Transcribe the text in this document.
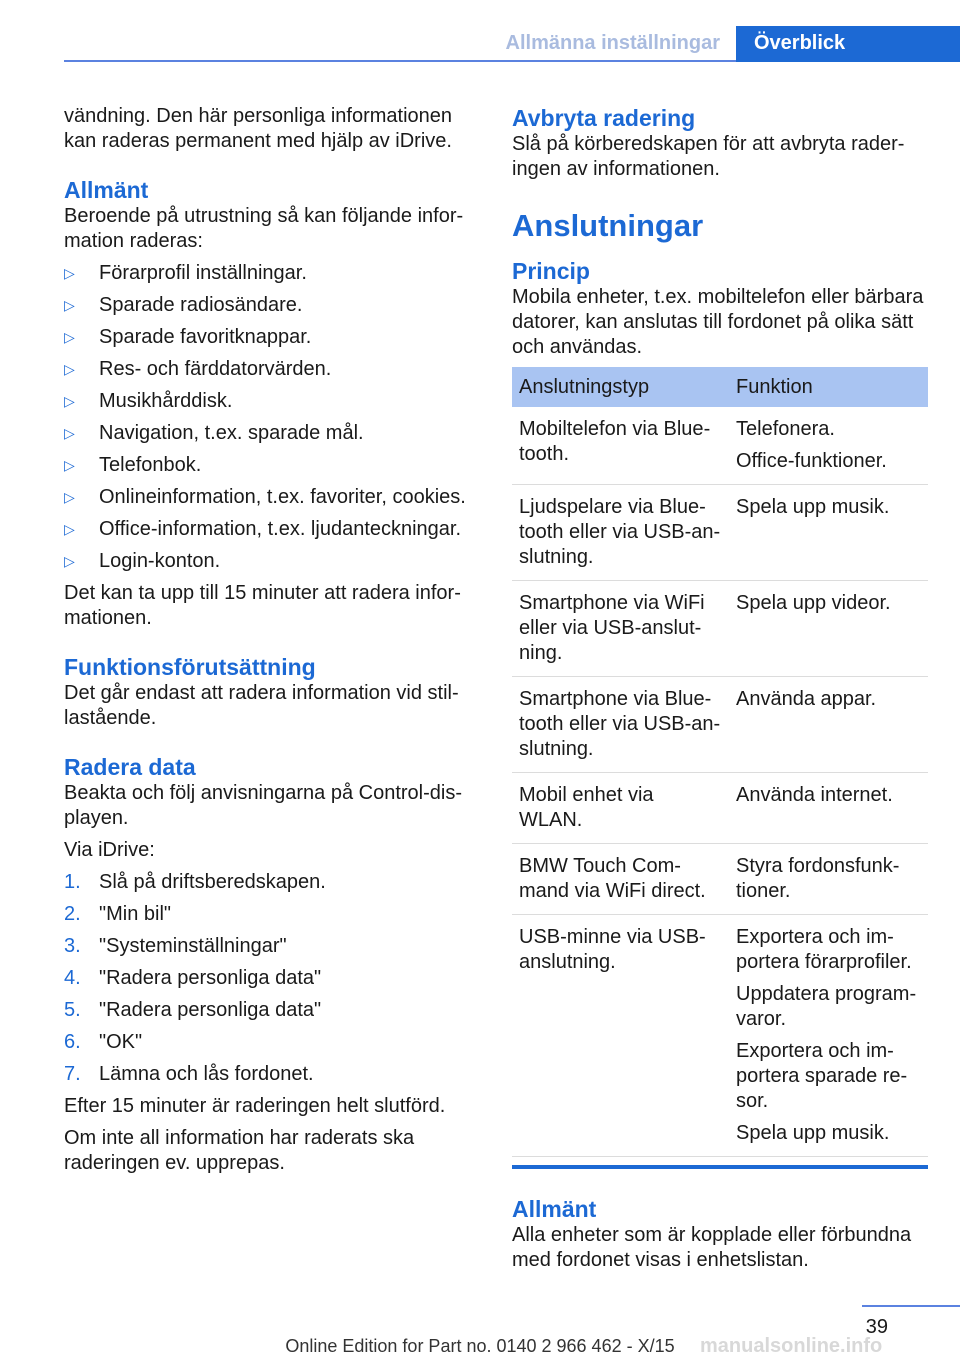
Allmänna inställningar	Överblick

vändning. Den här personliga informationen kan raderas permanent med hjälp av iDrive.

Allmänt

Beroende på utrustning så kan följande information raderas:

▷ Förarprofil inställningar.
▷ Sparade radiosändare.
▷ Sparade favoritknappar.
▷ Res- och färddatorvärden.
▷ Musikhårddisk.
▷ Navigation, t.ex. sparade mål.
▷ Telefonbok.
▷ Onlineinformation, t.ex. favoriter, cookies.
▷ Office-information, t.ex. ljudanteckningar.
▷ Login-konton.

Det kan ta upp till 15 minuter att radera informationen.

Funktionsförutsättning

Det går endast att radera information vid stillastående.

Radera data

Beakta och följ anvisningarna på Control-displayen.

Via iDrive:

1. Slå på driftsberedskapen.
2. "Min bil"
3. "Systeminställningar"
4. "Radera personliga data"
5. "Radera personliga data"
6. "OK"
7. Lämna och lås fordonet.

Efter 15 minuter är raderingen helt slutförd.

Om inte all information har raderats ska raderingen ev. upprepas.

Avbryta radering

Slå på körberedskapen för att avbryta raderingen av informationen.

Anslutningar
Princip

Mobila enheter, t.ex. mobiltelefon eller bärbara datorer, kan anslutas till fordonet på olika sätt och användas.

Anslutningstyp	Funktion
Mobiltelefon via Bluetooth.	Telefonera.
Office-funktioner.

Ljudspelare via Bluetooth eller via USB-anslutning.	Spela upp musik.

Smartphone via WiFi eller via USB-anslutning.	Spela upp videor.

Smartphone via Bluetooth eller via USB-anslutning.	Använda appar.

Mobil enhet via WLAN.	Använda internet.

BMW Touch Command via WiFi direct.	Styra fordonsfunktioner.

USB-minne via USB-anslutning.	Exportera och importera förarprofiler.
Uppdatera programvaror.
Exportera och importera sparade resor.
Spela upp musik.
Allmänt

Alla enheter som är kopplade eller förbundna med fordonet visas i enhetslistan.

39
Online Edition for Part no. 0140 2 966 462 - X/15	manualsonline.info
